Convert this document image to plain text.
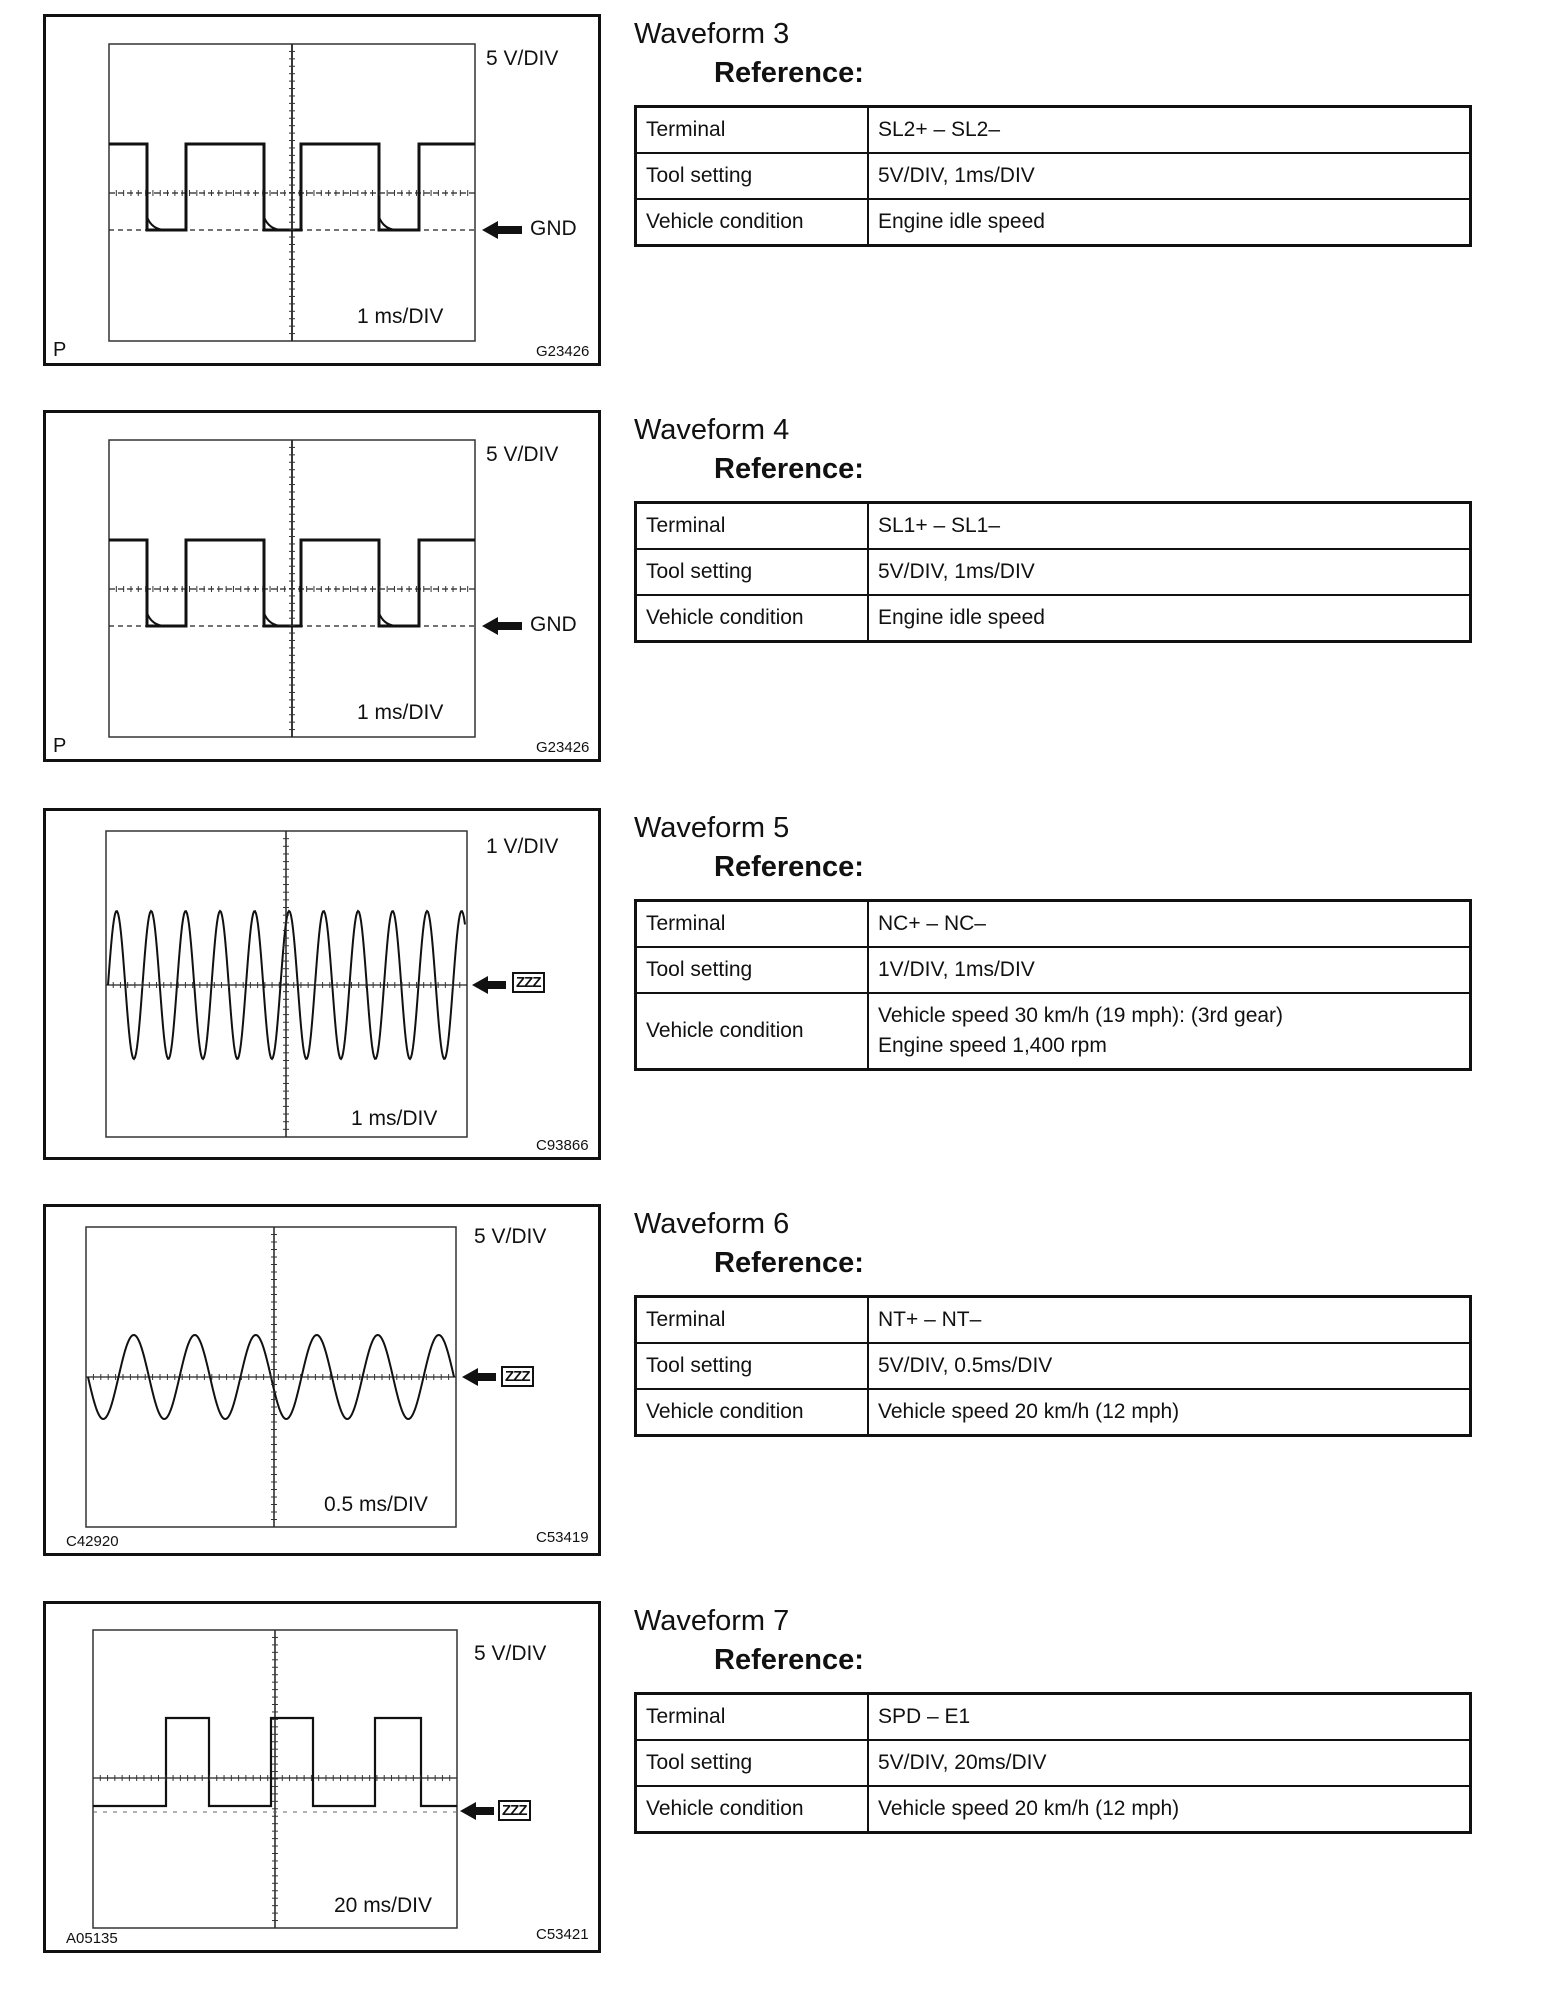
5 V/DIV
GND
1 ms/DIV
P	G23426
Waveform 3
Reference:
Terminal	SL2+ – SL2–
Tool setting	5V/DIV, 1ms/DIV
Vehicle condition	Engine idle speed
5 V/DIV
GND
1 ms/DIV
P	G23426
Waveform 4
Reference:
Terminal	SL1+ – SL1–
Tool setting	5V/DIV, 1ms/DIV
Vehicle condition	Engine idle speed
1 V/DIV
ZZZ
1 ms/DIV
C93866
Waveform 5
Reference:
Terminal	NC+ – NC–
Tool setting	1V/DIV, 1ms/DIV
Vehicle condition	Vehicle speed 30 km/h (19 mph): (3rd gear)
Engine speed 1,400 rpm
5 V/DIV
ZZZ
0.5 ms/DIV
C42920	C53419
Waveform 6
Reference:
Terminal	NT+ – NT–
Tool setting	5V/DIV, 0.5ms/DIV
Vehicle condition	Vehicle speed 20 km/h (12 mph)
5 V/DIV
ZZZ
20 ms/DIV
A05135	C53421
Waveform 7
Reference:
Terminal	SPD – E1
Tool setting	5V/DIV, 20ms/DIV
Vehicle condition	Vehicle speed 20 km/h (12 mph)
